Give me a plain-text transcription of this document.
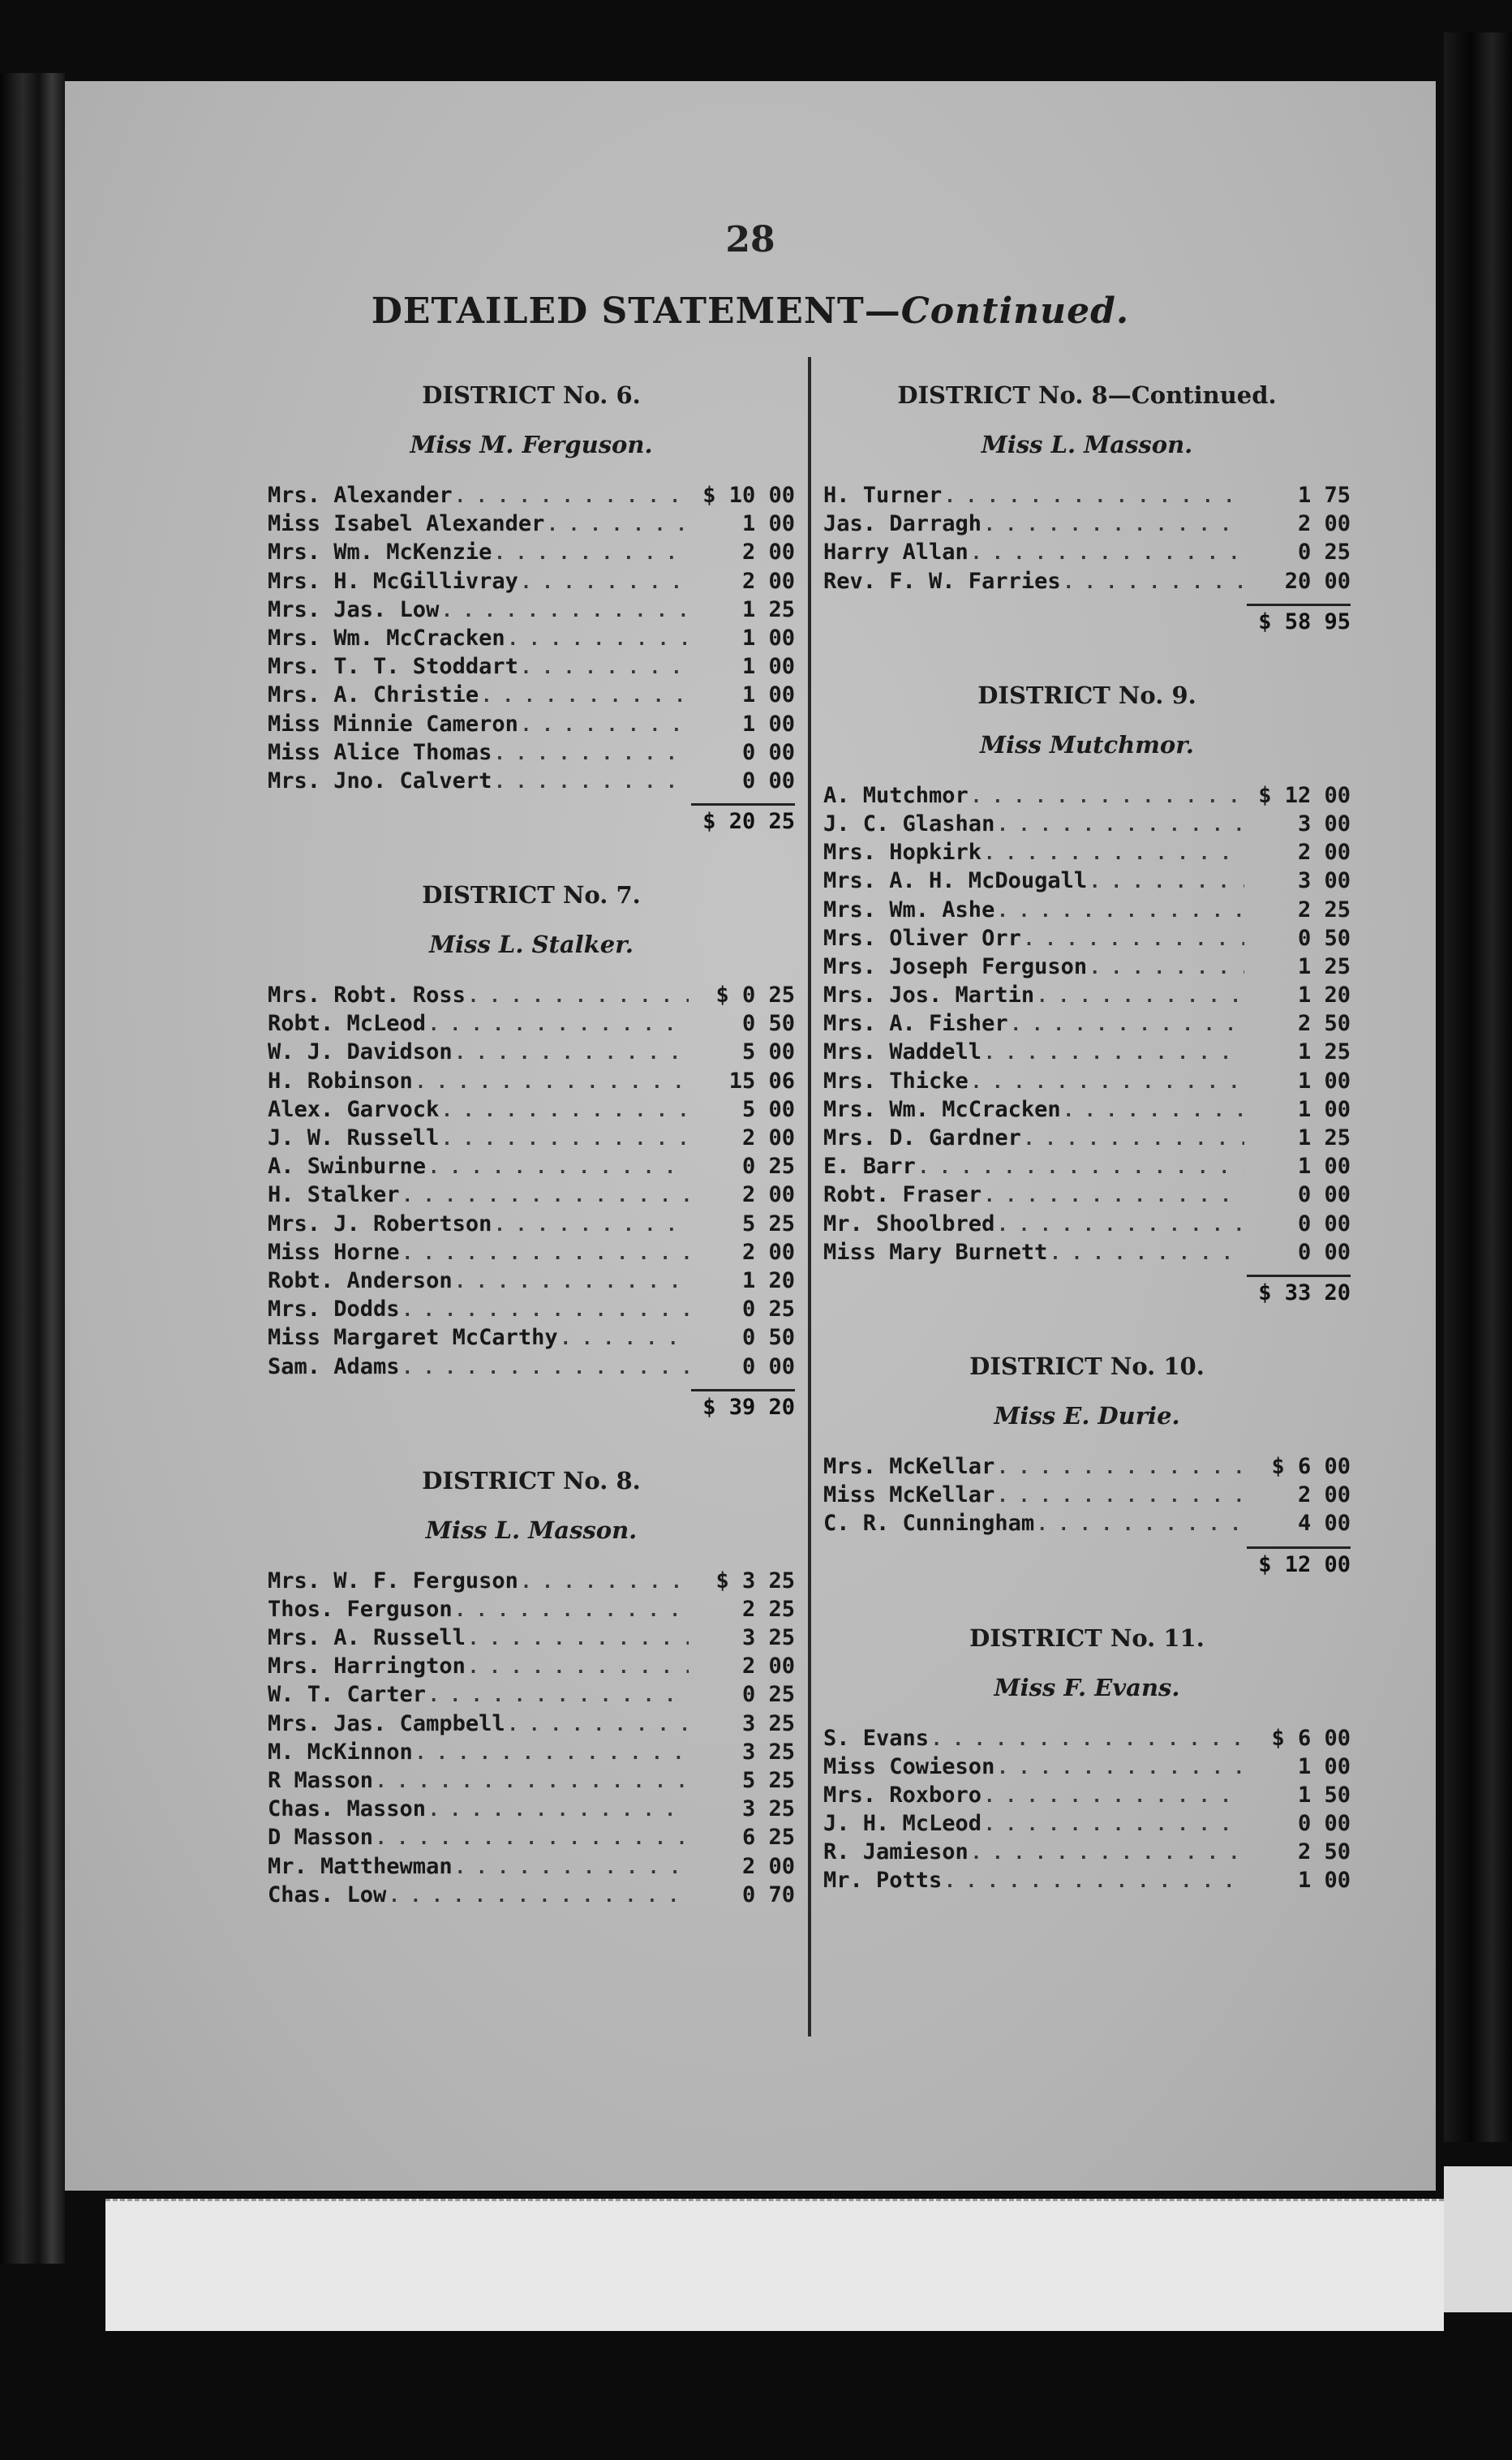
28
DETAILED STATEMENT—Continued.
DISTRICT No. 6.
Miss M. Ferguson.
Mrs. Alexander . . .	$ 10 00
Miss Isabel Alexander . . .	1 00
Mrs. Wm. McKenzie . . .	2 00
Mrs. H. McGillivray . . .	2 00
Mrs. Jas. Low . . .	1 25
Mrs. Wm. McCracken . . .	1 00
Mrs. T. T. Stoddart . . .	1 00
Mrs. A. Christie . . .	1 00
Miss Minnie Cameron . . .	1 00
Miss Alice Thomas . . .	0 00
Mrs. Jno. Calvert . . .	0 00
$ 20 25
DISTRICT No. 7.
Miss L. Stalker.
Mrs. Robt. Ross . . .	$ 0 25
Robt. McLeod . . .	0 50
W. J. Davidson . . .	5 00
H. Robinson . . .	15 06
Alex. Garvock . . .	5 00
J. W. Russell . . .	2 00
A. Swinburne . . .	0 25
H. Stalker . . .	2 00
Mrs. J. Robertson . . .	5 25
Miss Horne . . .	2 00
Robt. Anderson . . .	1 20
Mrs. Dodds . . .	0 25
Miss Margaret McCarthy . . .	0 50
Sam. Adams . . .	0 00
$ 39 20
DISTRICT No. 8.
Miss L. Masson.
Mrs. W. F. Ferguson . . .	$ 3 25
Thos. Ferguson . . .	2 25
Mrs. A. Russell . . .	3 25
Mrs. Harrington . . .	2 00
W. T. Carter . . .	0 25
Mrs. Jas. Campbell . . .	3 25
M. McKinnon . . .	3 25
R Masson . . .	5 25
Chas. Masson . . .	3 25
D Masson . . .	6 25
Mr. Matthewman . . .	2 00
Chas. Low . . .	0 70
DISTRICT No. 8—Continued.
Miss L. Masson.
H. Turner . . .	1 75
Jas. Darragh . . .	2 00
Harry Allan . . .	0 25
Rev. F. W. Farries . . .	20 00
$ 58 95
DISTRICT No. 9.
Miss Mutchmor.
A. Mutchmor . . .	$ 12 00
J. C. Glashan . . .	3 00
Mrs. Hopkirk . . .	2 00
Mrs. A. H. McDougall . . .	3 00
Mrs. Wm. Ashe . . .	2 25
Mrs. Oliver Orr . . .	0 50
Mrs. Joseph Ferguson . . .	1 25
Mrs. Jos. Martin . . .	1 20
Mrs. A. Fisher . . .	2 50
Mrs. Waddell . . .	1 25
Mrs. Thicke . . .	1 00
Mrs. Wm. McCracken . . .	1 00
Mrs. D. Gardner . . .	1 25
E. Barr . . .	1 00
Robt. Fraser . . .	0 00
Mr. Shoolbred . . .	0 00
Miss Mary Burnett . . .	0 00
$ 33 20
DISTRICT No. 10.
Miss E. Durie.
Mrs. McKellar . . .	$ 6 00
Miss McKellar . . .	2 00
C. R. Cunningham . . .	4 00
$ 12 00
DISTRICT No. 11.
Miss F. Evans.
S. Evans . . .	$ 6 00
Miss Cowieson . . .	1 00
Mrs. Roxboro . . .	1 50
J. H. McLeod . . .	0 00
R. Jamieson . . .	2 50
Mr. Potts . . .	1 00
